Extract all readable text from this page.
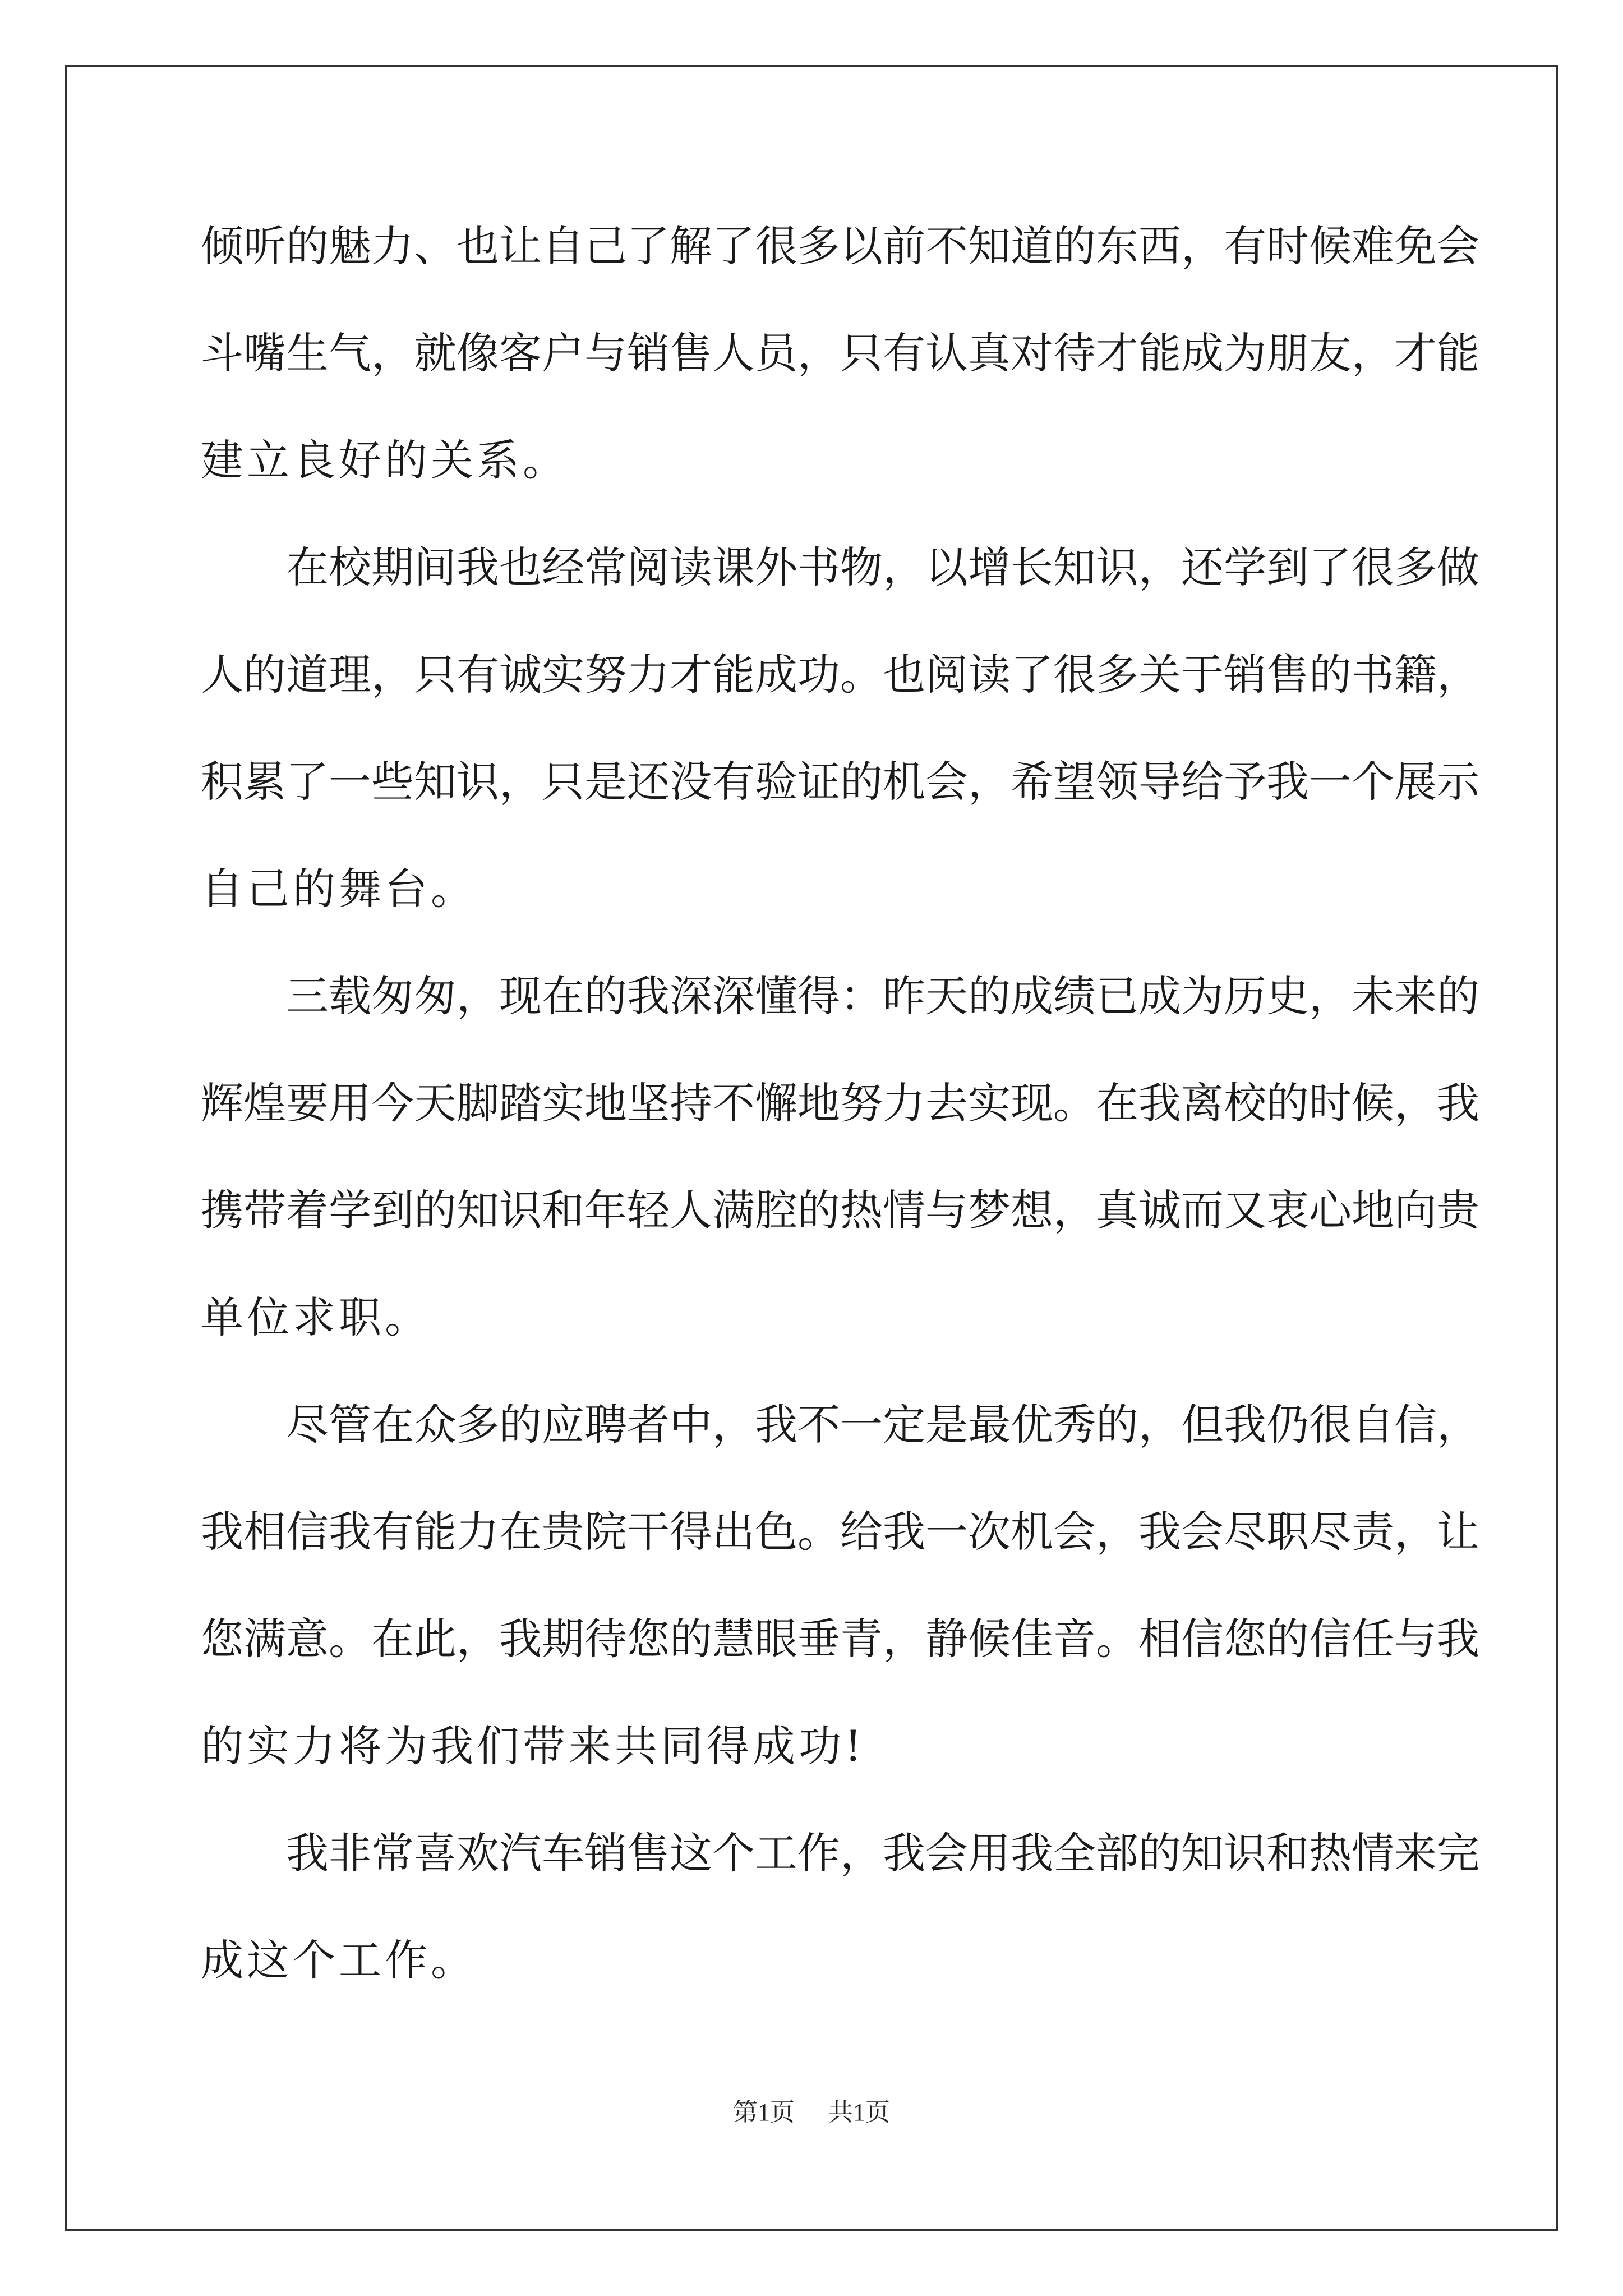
倾 听 的 魅 力 、 也 让 自 己 了 解 了 很 多 以 前 不 知 道 的 东 西 ， 有 时 候 难 免 会
斗 嘴 生 气 ， 就 像 客 户 与 销 售 人 员 ， 只 有 认 真 对 待 才 能 成 为 朋 友 ， 才 能
建立良好的关系。
在 校 期 间 我 也 经 常 阅 读 课 外 书 物 ， 以 增 长 知 识 ， 还 学 到 了 很 多 做
人 的 道 理 ， 只 有 诚 实 努 力 才 能 成 功 。 也 阅 读 了 很 多 关 于 销 售 的 书 籍 ，
积 累 了 一 些 知 识 ， 只 是 还 没 有 验 证 的 机 会 ， 希 望 领 导 给 予 我 一 个 展 示
自己的舞台。
三 载 匆 匆 ， 现 在 的 我 深 深 懂 得 ： 昨 天 的 成 绩 已 成 为 历 史 ， 未 来 的
辉 煌 要 用 今 天 脚 踏 实 地 坚 持 不 懈 地 努 力 去 实 现 。 在 我 离 校 的 时 候 ， 我
携 带 着 学 到 的 知 识 和 年 轻 人 满 腔 的 热 情 与 梦 想 ， 真 诚 而 又 衷 心 地 向 贵
单位求职。
尽 管 在 众 多 的 应 聘 者 中 ， 我 不 一 定 是 最 优 秀 的 ， 但 我 仍 很 自 信 ，
我 相 信 我 有 能 力 在 贵 院 干 得 出 色 。 给 我 一 次 机 会 ， 我 会 尽 职 尽 责 ， 让
您 满 意 。 在 此 ， 我 期 待 您 的 慧 眼 垂 青 ， 静 候 佳 音 。 相 信 您 的 信 任 与 我
的实力将为我们带来共同得成功!
我 非 常 喜 欢 汽 车 销 售 这 个 工 作 ， 我 会 用 我 全 部 的 知 识 和 热 情 来 完
成这个工作。
第1页 共1页
